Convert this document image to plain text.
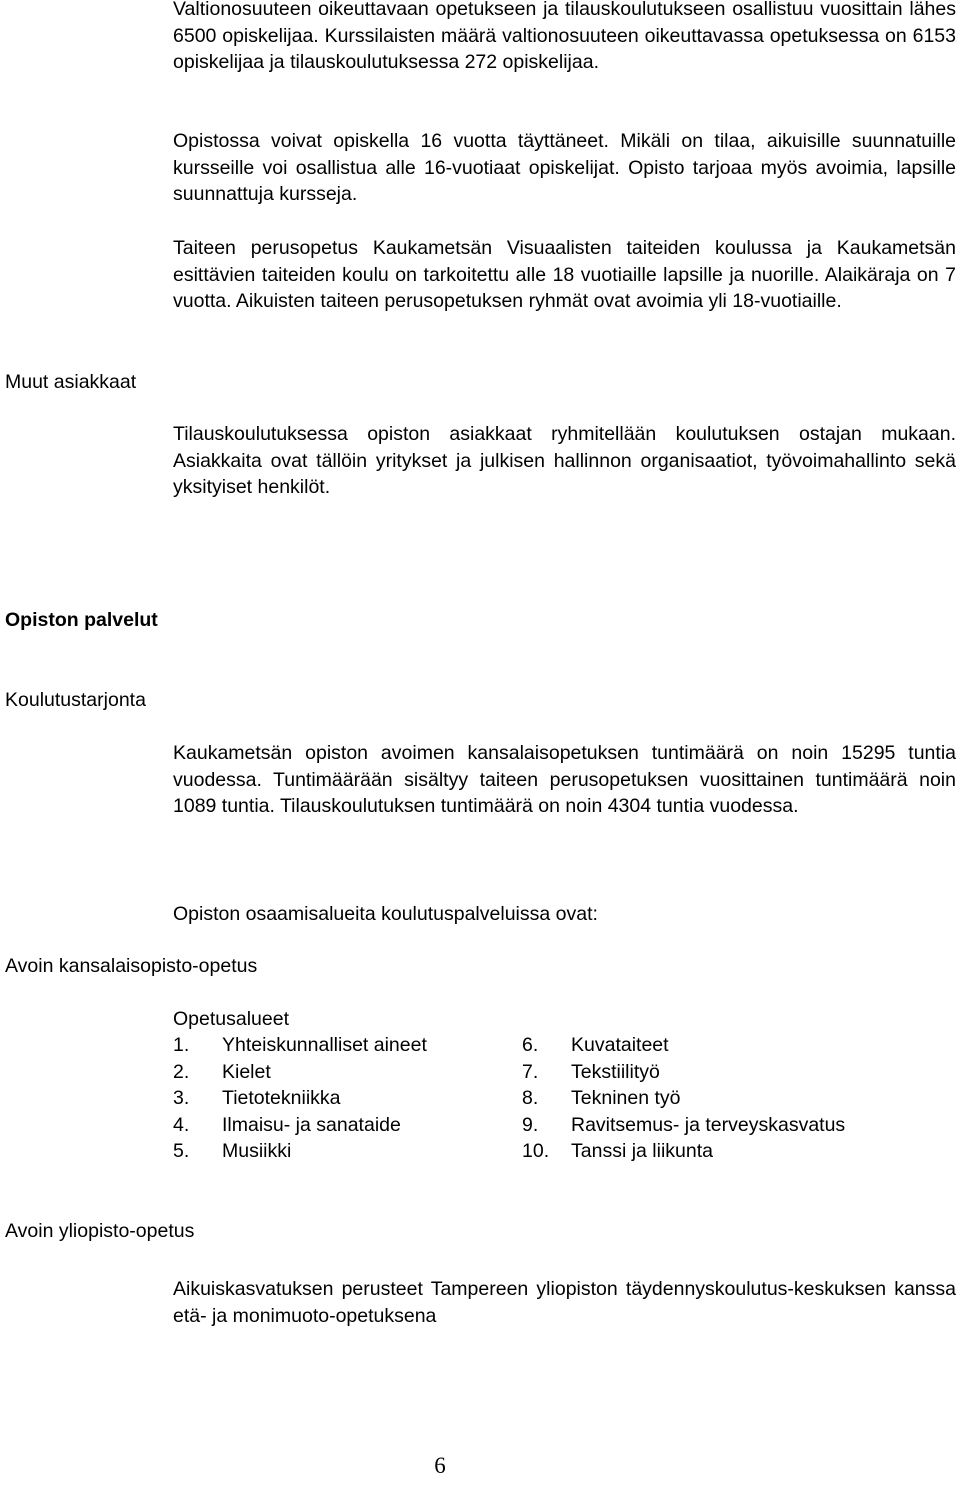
Valtionosuuteen oikeuttavaan opetukseen ja tilauskoulutukseen osallistuu vuosittain lähes 6500 opiskelijaa. Kurssilaisten määrä valtionosuuteen oikeuttavassa opetuksessa on 6153 opiskelijaa ja tilauskoulutuksessa 272 opiskelijaa.
Opistossa voivat opiskella 16 vuotta täyttäneet. Mikäli on tilaa, aikuisille suunnatuille kursseille voi osallistua alle 16-vuotiaat opiskelijat. Opisto tarjoaa myös avoimia, lapsille suunnattuja kursseja.
Taiteen perusopetus Kaukametsän Visuaalisten taiteiden koulussa ja Kaukametsän esittävien taiteiden koulu on tarkoitettu alle 18 vuotiaille lapsille ja nuorille. Alaikäraja on 7 vuotta. Aikuisten taiteen perusopetuksen ryhmät ovat avoimia yli 18-vuotiaille.
Muut asiakkaat
Tilauskoulutuksessa opiston asiakkaat ryhmitellään koulutuksen ostajan mukaan. Asiakkaita ovat tällöin yritykset ja julkisen hallinnon organisaatiot, työvoimahallinto sekä yksityiset henkilöt.
Opiston palvelut
Koulutustarjonta
Kaukametsän opiston avoimen kansalaisopetuksen tuntimäärä on noin 15295 tuntia vuodessa. Tuntimäärään sisältyy taiteen perusopetuksen vuosittainen tuntimäärä noin 1089 tuntia. Tilauskoulutuksen tuntimäärä on noin 4304 tuntia vuodessa.
Opiston osaamisalueita koulutuspalveluissa ovat:
Avoin kansalaisopisto-opetus
Opetusalueet
1. Yhteiskunnalliset aineet
2. Kielet
3. Tietotekniikka
4. Ilmaisu- ja sanataide
5. Musiikki
6. Kuvataiteet
7. Tekstiilityö
8. Tekninen työ
9. Ravitsemus- ja terveyskasvatus
10. Tanssi ja liikunta
Avoin yliopisto-opetus
Aikuiskasvatuksen perusteet Tampereen yliopiston täydennyskoulutus-keskuksen kanssa etä- ja monimuoto-opetuksena
6
